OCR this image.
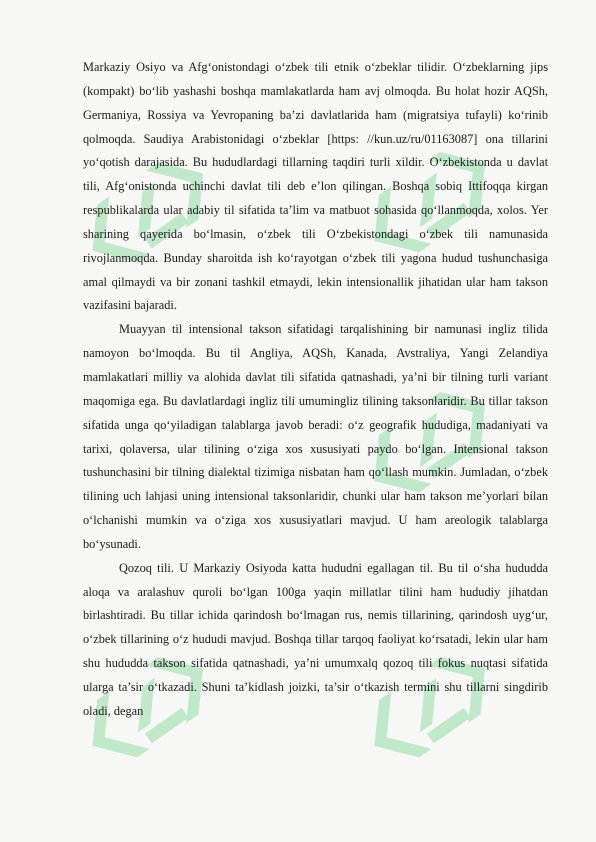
Markaziy Osiyo va Afg‘onistondagi o‘zbek tili etnik o‘zbeklar tilidir. O‘zbeklarning jips (kompakt) bo‘lib yashashi boshqa mamlakatlarda ham avj olmoqda. Bu holat hozir AQSh, Germaniya, Rossiya va Yevropaning ba’zi davlatlarida ham (migratsiya tufayli) ko‘rinib qolmoqda. Saudiya Arabistonidagi o‘zbeklar [https: //kun.uz/ru/01163087] ona tillarini yo‘qotish darajasida. Bu hududlardagi tillarning taqdiri turli xildir. O‘zbekistonda u davlat tili, Afg‘onistonda uchinchi davlat tili deb e’lon qilingan. Boshqa sobiq Ittifoqqa kirgan respublikalarda ular adabiy til sifatida ta’lim va matbuot sohasida qo‘llanmoqda, xolos. Yer sharining qayerida bo‘lmasin, o‘zbek tili O‘zbekistondagi o‘zbek tili namunasida rivojlanmoqda. Bunday sharoitda ish ko‘rayotgan o‘zbek tili yagona hudud tushunchasiga amal qilmaydi va bir zonani tashkil etmaydi, lekin intensionallik jihatidan ular ham takson vazifasini bajaradi.

Muayyan til intensional takson sifatidagi tarqalishining bir namunasi ingliz tilida namoyon bo‘lmoqda. Bu til Angliya, AQSh, Kanada, Avstraliya, Yangi Zelandiya mamlakatlari milliy va alohida davlat tili sifatida qatnashadi, ya’ni bir tilning turli variant maqomiga ega. Bu davlatlardagi ingliz tili umumingliz tilining taksonlaridir. Bu tillar takson sifatida unga qo‘yiladigan talablarga javob beradi: o‘z geografik hududiga, madaniyati va tarixi, qolaversa, ular tilining o‘ziga xos xususiyati paydo bo‘lgan. Intensional takson tushunchasini bir tilning dialektal tizimiga nisbatan ham qo‘llash mumkin. Jumladan, o‘zbek tilining uch lahjasi uning intensional taksonlaridir, chunki ular ham takson me’yorlari bilan o‘lchanishi mumkin va o‘ziga xos xususiyatlari mavjud. U ham areologik talablarga bo‘ysunadi.

Qozoq tili. U Markaziy Osiyoda katta hududni egallagan til. Bu til o‘sha hududda aloqa va aralashuv quroli bo‘lgan 100ga yaqin millatlar tilini ham hududiy jihatdan birlashtiradi. Bu tillar ichida qarindosh bo‘lmagan rus, nemis tillarining, qarindosh uyg‘ur, o‘zbek tillarining o‘z hududi mavjud. Boshqa tillar tarqoq faoliyat ko‘rsatadi, lekin ular ham shu hududda takson sifatida qatnashadi, ya’ni umumxalq qozoq tili fokus nuqtasi sifatida ularga ta’sir o‘tkazadi. Shuni ta’kidlash joizki, ta’sir o‘tkazish termini shu tillarni singdirib oladi, degan
